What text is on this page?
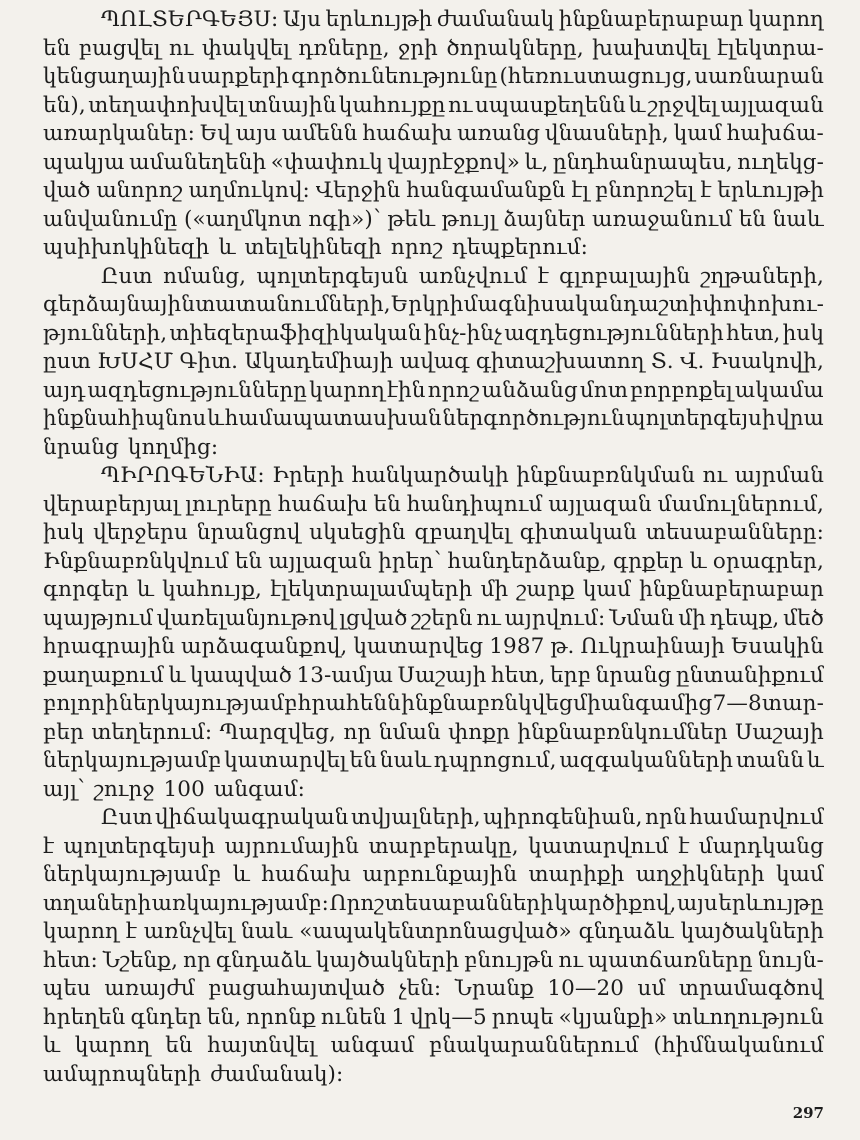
ՊՈԼՏԵՐԳԵՅՍ: Այս երևույթի ժամանակ ինքնաբերաբար կարող
են բացվել ու փակվել դռները, ջրի ծորակները, խախտվել էլեկտրա-
կենցաղային սարքերի գործունեությունը (հեռուստացույց, սառնարան
են), տեղափոխվել տնային կահույքը ու սպասքեղենն և շրջվել այլազան
առարկաներ: Եվ այս ամենն հաճախ առանց վնասների, կամ հախճա-
պակյա ամանեղենի «փափուկ վայրէջքով» և, ընդհանրապես, ուղեկց-
ված անորոշ աղմուկով: Վերջին հանգամանքն էլ բնորոշել է երևույթի
անվանումը («աղմկոտ ոգի»)՝ թեև թույլ ձայներ առաջանում են նաև
պսիխոկինեզի և տելեկինեզի որոշ դեպքերում:
Ըստ ոմանց, պոլտերգեյսն առնչվում է գլոբալային շղթաների,
գերձայնային տատանումների, Երկրի մագնիսական դաշտի փոփոխու-
թյունների, տիեզերաֆիզիկական ինչ-ինչ ազդեցությունների հետ, իսկ
ըստ ԽՍՀՄ Գիտ. Ակադեմիայի ավագ գիտաշխատող Տ. Վ. Իսակովի,
այդ ազդեցությունները կարող էին որոշ անձանց մոտ բորբոքել ակամա
ինքնահիպնոս և համապատասխան ներգործություն պոլտերգեյսի վրա
նրանց կողմից:
ՊԻՐՈԳԵՆԻԱ: Իրերի հանկարծակի ինքնաբռնկման ու այրման
վերաբերյալ լուրերը հաճախ են հանդիպում այլազան մամուլներում,
իսկ վերջերս նրանցով սկսեցին զբաղվել գիտական տեսաբանները:
Ինքնաբռնկվում են այլազան իրեր՝ հանդերձանք, գրքեր և օրագրեր,
գորգեր և կահույք, էլեկտրալամպերի մի շարք կամ ինքնաբերաբար
պայթյում վառելանյութով լցված շշերն ու այրվում: Նման մի դեպք, մեծ
հրագրային արձագանքով, կատարվեց 1987 թ. Ուկրաինայի Եսակին
քաղաքում և կապված 13-ամյա Սաշայի հետ, երբ նրանց ընտանիքում
բոլորի ներկայությամբ հրահենն ինքնաբռնկվեց միանգամից 7—8 տար-
բեր տեղերում: Պարզվեց, որ նման փոքր ինքնաբռնկումներ Սաշայի
ներկայությամբ կատարվել են նաև դպրոցում, ազգականների տանն և
այլ՝ շուրջ 100 անգամ:
Ըստ վիճակագրական տվյալների, պիրոգենիան, որն համարվում
է պոլտերգեյսի այրումային տարբերակը, կատարվում է մարդկանց
ներկայությամբ և հաճախ արբունքային տարիքի աղջիկների կամ
տղաների առկայությամբ: Որոշ տեսաբանների կարծիքով, այս երևույթը
կարող է առնչվել նաև «ապակենտրոնացված» գնդաձև կայծակների
հետ: Նշենք, որ գնդաձև կայծակների բնույթն ու պատճառները նույն-
պես առայժմ բացահայտված չեն: Նրանք 10—20 սմ տրամագծով
հրեղեն գնդեր են, որոնք ունեն 1 վրկ—5 րոպե «կյանքի» տևողություն
և կարող են հայտնվել անգամ բնակարաններում (հիմնականում
ամպրոպների ժամանակ):
297
